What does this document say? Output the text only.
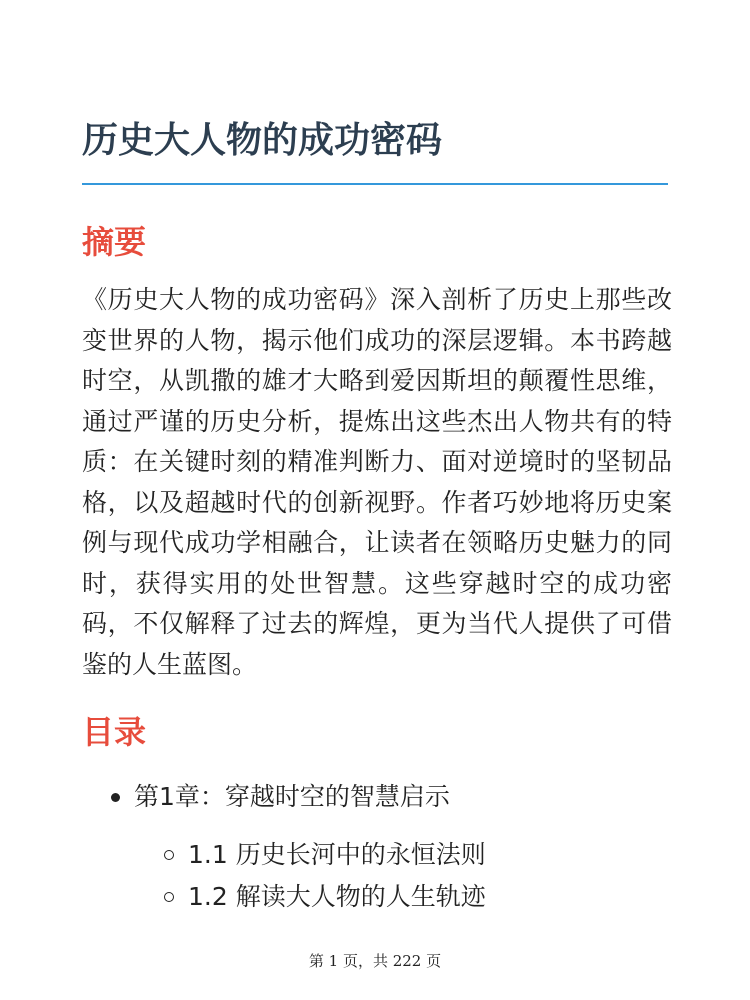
历史大人物的成功密码
摘要

《历史大人物的成功密码》深入剖析了历史上那些改变世界的人物，揭示他们成功的深层逻辑。本书跨越时空，从凯撒的雄才大略到爱因斯坦的颠覆性思维，通过严谨的历史分析，提炼出这些杰出人物共有的特质：在关键时刻的精准判断力、面对逆境时的坚韧品格，以及超越时代的创新视野。作者巧妙地将历史案例与现代成功学相融合，让读者在领略历史魅力的同时，获得实用的处世智慧。这些穿越时空的成功密码，不仅解释了过去的辉煌，更为当代人提供了可借鉴的人生蓝图。

目录
第1章：穿越时空的智慧启示
1.1 历史长河中的永恒法则
1.2 解读大人物的人生轨迹
第 1 页，共 222 页
